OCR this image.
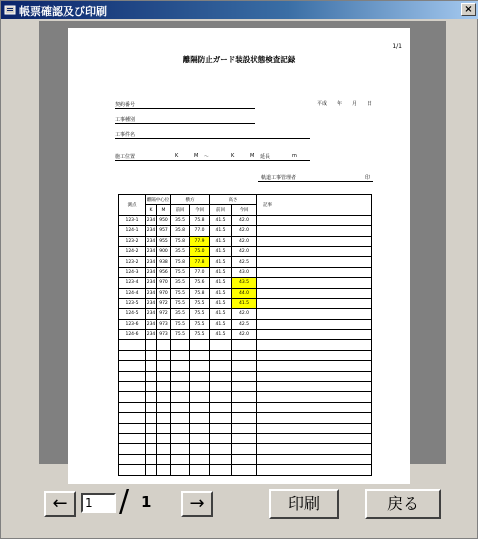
帳票確認及び印刷	×
1/1
離隔防止ガード装設状態検査記録
平成 年 月 日
契約番号
工事種別
工事件名
施工位置	K	M 〜	K	M 延長	m
軌道工事管理者	印
測点	離隔中心位		横方		高さ		記事
	K	M	前回	今回	前回	今回	
123-1	234	950	35.5	75.8	41.5	42.0	
124-1	234	957	35.8	77.0	41.5	42.0	
123-2	234	955	75.8	77.9	41.5	42.0	
124-2	234	900	35.5	75.0	41.5	42.0	
123-2	234	938	75.8	77.8	41.5	42.5	
124-3	234	956	75.5	77.0	41.5	43.0	
123-4	234	970	35.5	75.6	41.5	43.5	
124-4	234	970	75.5	75.8	41.5	44.0	
123-5	234	972	75.5	75.5	41.5	41.5	
124-5	234	972	35.5	75.5	41.5	42.0	
123-6	234	973	75.5	75.5	41.5	42.5	
124-6	234	973	75.5	75.5	41.5	42.0	

←
1 / 1	→	印刷	戻る
